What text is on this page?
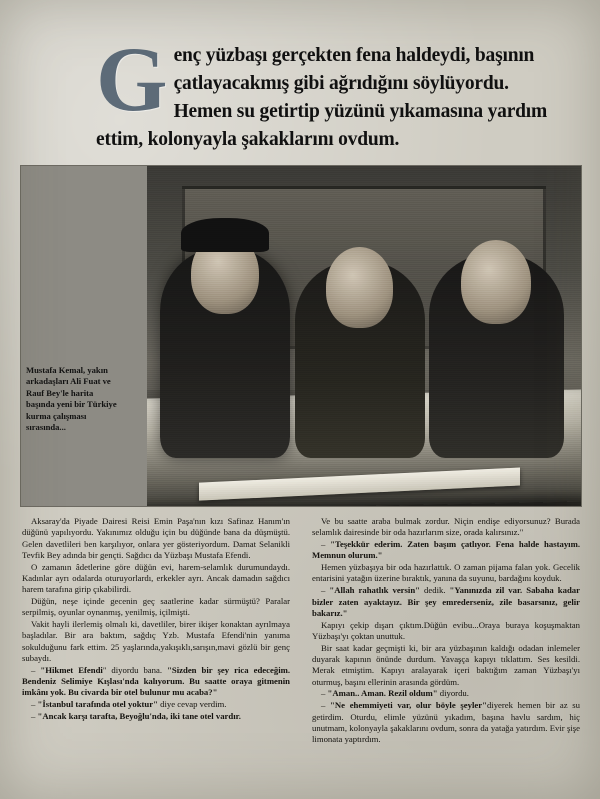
G enç yüzbaşı gerçekten fena haldeydi, başının çatlayacakmış gibi ağrıdığını söylüyordu. Hemen su getirtip yüzünü yıkamasına yardım ettim, kolonyayla şakaklarını ovdum.
Mustafa Kemal, yakın arkadaşları Ali Fuat ve Rauf Bey'le harita başında yeni bir Türkiye kurma çalışması sırasında...

Aksaray'da Piyade Dairesi Reisi Emin Paşa'nın kızı Safinaz Hanım'ın düğünü yapılıyordu. Yakınımız olduğu için bu düğünde bana da düşmüştü. Gelen davetlileri ben karşılıyor, onlara yer gösteriyordum. Damat Selanikli Tevfik Bey adında bir gençti. Sağdıcı da Yüzbaşı Mustafa Efendi.

O zamanın âdetlerine göre düğün evi, harem-selamlık durumundaydı. Kadınlar ayrı odalarda oturuyorlardı, erkekler ayrı. Ancak damadın sağdıcı harem tarafına girip çıkabilirdi.

Düğün, neşe içinde gecenin geç saatlerine kadar sürmüştü? Paralar serpilmiş, oyunlar oynanmış, yenilmiş, içilmişti.

Vakit hayli ilerlemiş olmalı ki, davetliler, birer ikişer konaktan ayrılmaya başladılar. Bir ara baktım, sağdıç Yzb. Mustafa Efendi'nin yanıma sokulduğunu fark ettim. 25 yaşlarında,yakışıklı,sarışın,mavi gözlü bir genç subaydı.

– "Hikmet Efendi" diyordu bana. "Sizden bir şey rica edeceğim. Bendeniz Selimiye Kışlası'nda kalıyorum. Bu saatte oraya gitmenin imkânı yok. Bu civarda bir otel bulunur mu acaba?"

– "İstanbul tarafında otel yoktur" diye cevap verdim.

– "Ancak karşı tarafta, Beyoğlu'nda, iki tane otel vardır.

Ve bu saatte araba bulmak zordur. Niçin endişe ediyorsunuz? Burada selamlık dairesinde bir oda hazırlarım size, orada kalırsınız."

– "Teşekkür ederim. Zaten başım çatlıyor. Fena halde hastayım. Memnun olurum."

Hemen yüzbaşıya bir oda hazırlattık. O zaman pijama falan yok. Gecelik entarisini yatağın üzerine bıraktık, yanına da suyunu, bardağını koyduk.

– "Allah rahatlık versin" dedik. "Yanınızda zil var. Sabaha kadar bizler zaten ayaktayız. Bir şey emrederseniz, zile basarsınız, gelir bakarız."

Kapıyı çekip dışarı çıktım.Düğün evibu...Oraya buraya koşuşmaktan Yüzbaşı'yı çoktan unuttuk.

Bir saat kadar geçmişti ki, bir ara yüzbaşının kaldığı odadan inlemeler duyarak kapının önünde durdum. Yavaşça kapıyı tıklattım. Ses kesildi. Merak etmiştim. Kapıyı aralayarak içeri baktığım zaman Yüzbaşı'yı oturmuş, başını ellerinin arasında gördüm.

– "Aman.. Aman. Rezil oldum" diyordu.

– "Ne ehemmiyeti var, olur böyle şeyler"diyerek hemen bir az su getirdim. Oturdu, elimle yüzünü yıkadım, başına havlu sardım, hiç unutmam, kolonyayla şakaklarını ovdum, sonra da yatağa yatırdım. Evir şişe limonata yaptırdım.
